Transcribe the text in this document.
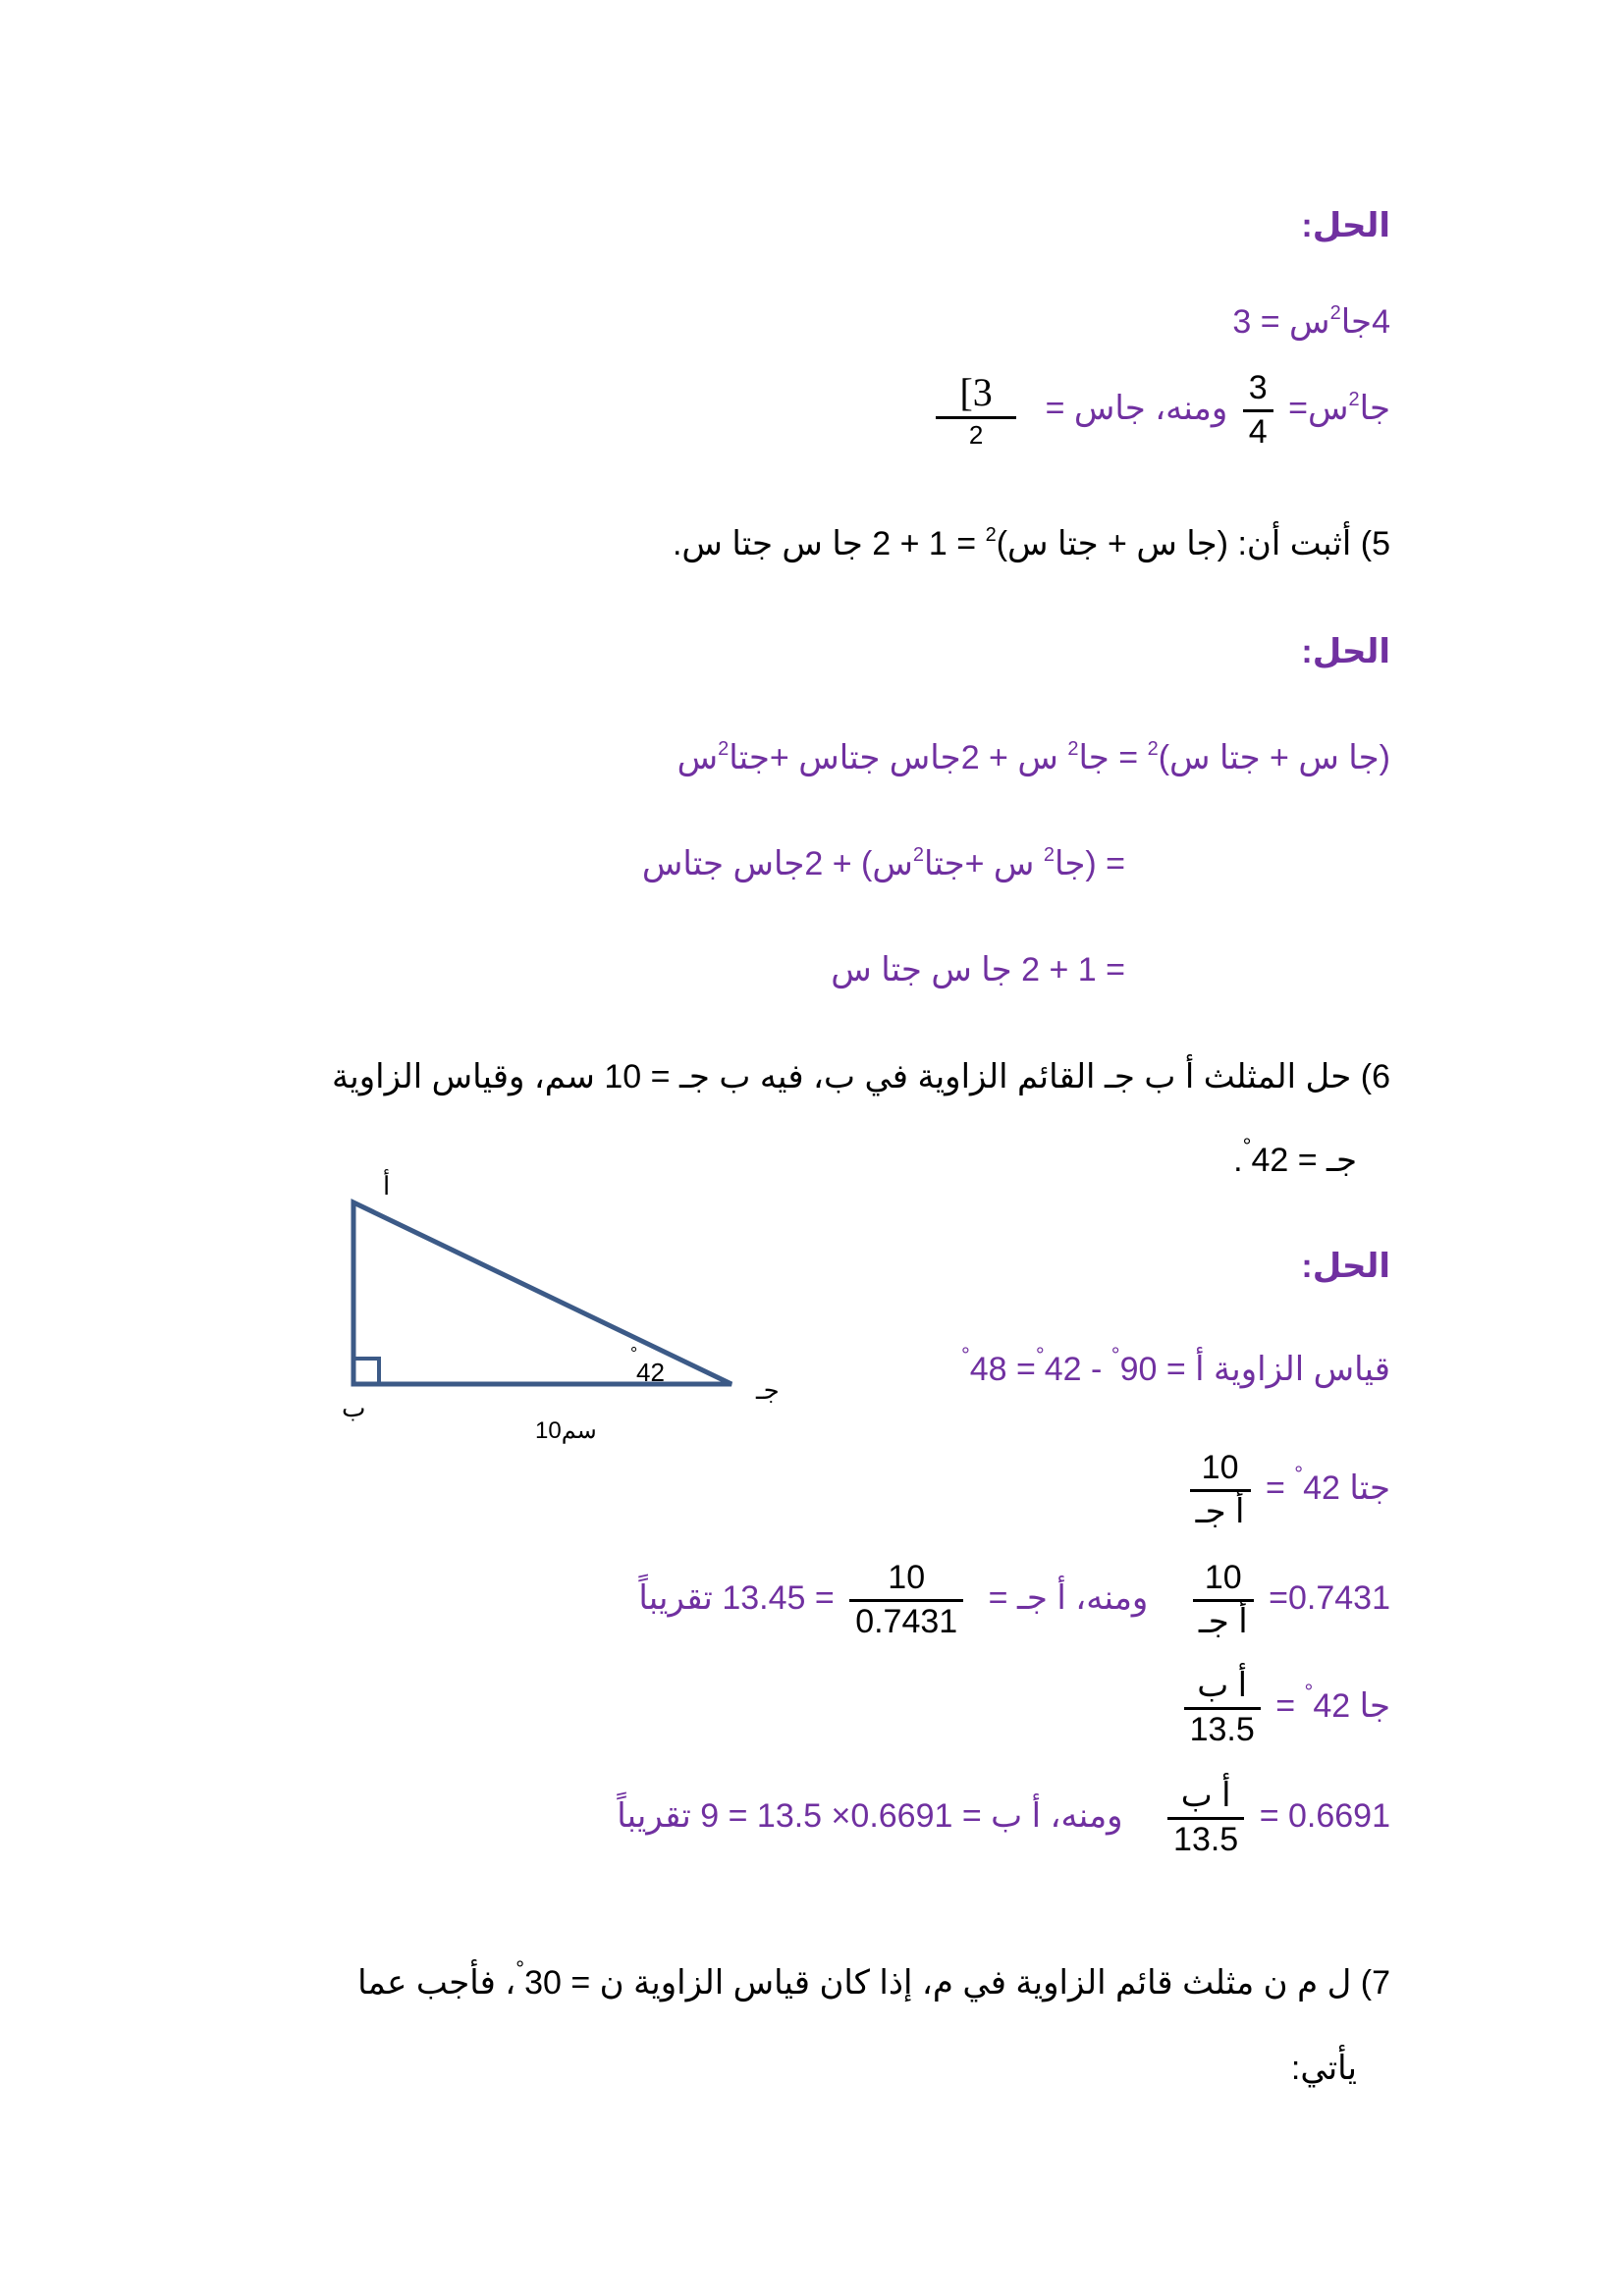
الحل:
4جا$^2$س = 3
جا$^2$س=
$\frac{3}{4}$
ومنه، جاس =
$\frac{3]}{2}$
5) أثبت أن: (جا س + جتا س)$^2$ = 1 + 2 جا س جتا س.
الحل:
(جا س + جتا س)$^2$ = جا$^2$ س + 2جاس جتاس +جتا$^2$س
= (جا$^2$ س +جتا$^2$س) + 2جاس جتاس
= 1 + 2 جا س جتا س
6) حل المثلث أ ب جـ القائم الزاوية في ب، فيه ب جـ = 10 سم، وقياس الزاوية
جـ = 42°.
الحل:
قياس الزاوية أ = 90° - 42°= 48°
جتا 42° =
$\frac{10}{\text{أ جـ}}$
0.7431=
$\frac{10}{\text{أ جـ}}$
ومنه، أ جـ =
$\frac{10}{0.7431}$
= 13.45 تقريباً
جا 42° =
$\frac{\text{أ ب}}{13.5}$
0.6691 =
$\frac{\text{أ ب}}{13.5}$
ومنه، أ ب = 0.6691× 13.5 = 9 تقريباً
أ
ب
جـ
42
°
10سم
7) ل م ن مثلث قائم الزاوية في م، إذا كان قياس الزاوية ن = 30°، فأجب عما
يأتي:
